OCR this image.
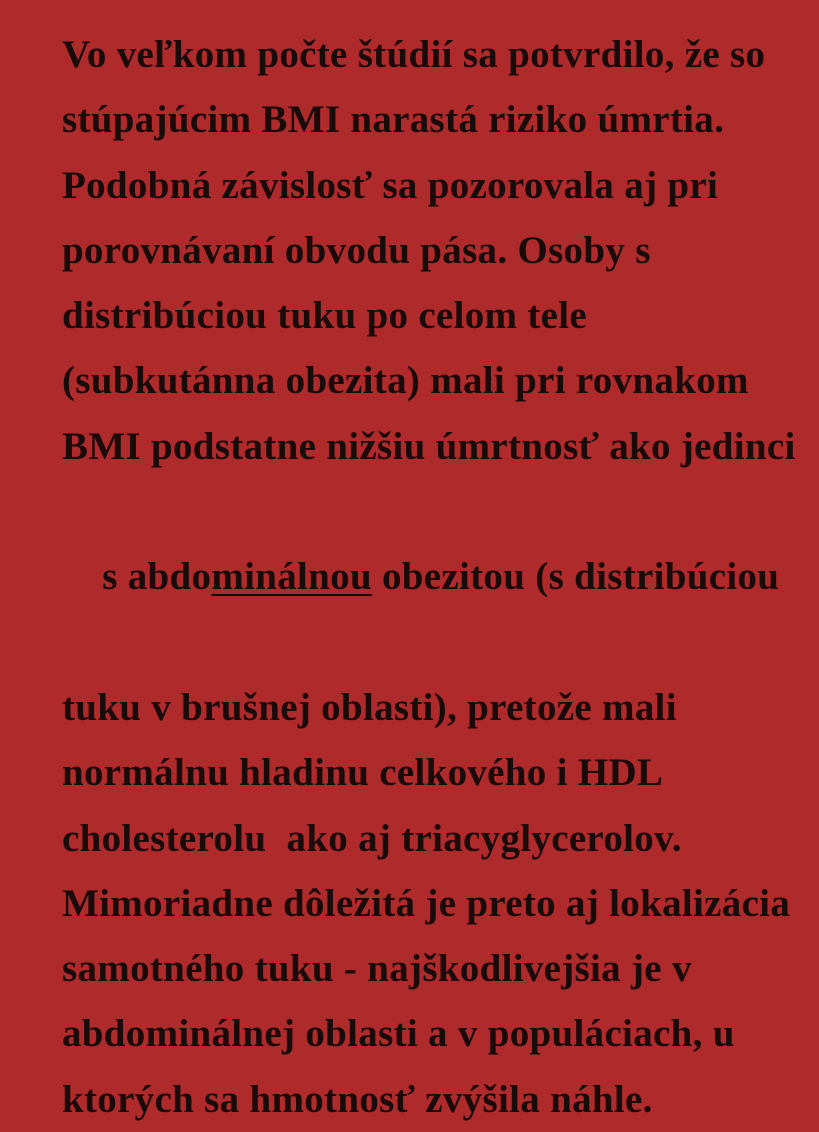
Vo veľkom počte štúdií sa potvrdilo, že so
stúpajúcim BMI narastá riziko úmrtia.
Podobná závislosť sa pozorovala aj pri
porovnávaní obvodu pása. Osoby s
distribúciou tuku po celom tele
(subkutánna obezita) mali pri rovnakom
BMI podstatne nižšiu úmrtnosť ako jedinci

s abdominálnou obezitou (s distribúciou

tuku v brušnej oblasti), pretože mali
normálnu hladinu celkového i HDL
cholesterolu  ako aj triacyglycerolov.
Mimoriadne dôležitá je preto aj lokalizácia
samotného tuku - najškodlivejšia je v
abdominálnej oblasti a v populáciach, u
ktorých sa hmotnosť zvýšila náhle.
